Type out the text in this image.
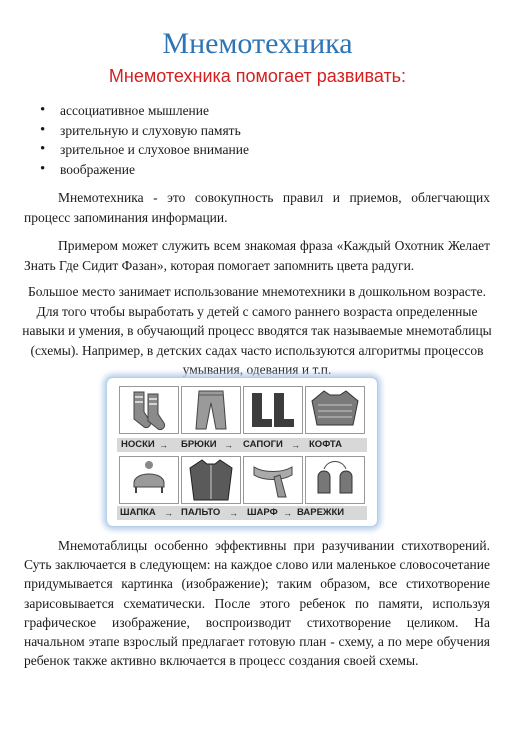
Мнемотехника
Мнемотехника помогает развивать:
• ассоциативное мышление
• зрительную и слуховую память
• зрительное и слуховое внимание
• воображение

Мнемотехника - это совокупность правил и приемов, облегчающих процесс запоминания информации.

Примером может служить всем знакомая фраза «Каждый Охотник Желает Знать Где Сидит Фазан», которая помогает запомнить цвета радуги.

Большое место занимает использование мнемотехники в дошкольном возрасте. Для того чтобы выработать у детей с самого раннего возраста определенные навыки и умения, в обучающий процесс вводятся так называемые мнемотаблицы (схемы). Например, в детских садах часто используются алгоритмы процессов умывания, одевания и т.п.

НОСКИ → БРЮКИ → САПОГИ → КОФТА
ШАПКА → ПАЛЬТО → ШАРФ → ВАРЕЖКИ

Мнемотаблицы особенно эффективны при разучивании стихотворений. Суть заключается в следующем: на каждое слово или маленькое словосочетание придумывается картинка (изображение); таким образом, все стихотворение зарисовывается схематически. После этого ребенок по памяти, используя графическое изображение, воспроизводит стихотворение целиком. На начальном этапе взрослый предлагает готовую план - схему, а по мере обучения ребенок также активно включается в процесс создания своей схемы.
